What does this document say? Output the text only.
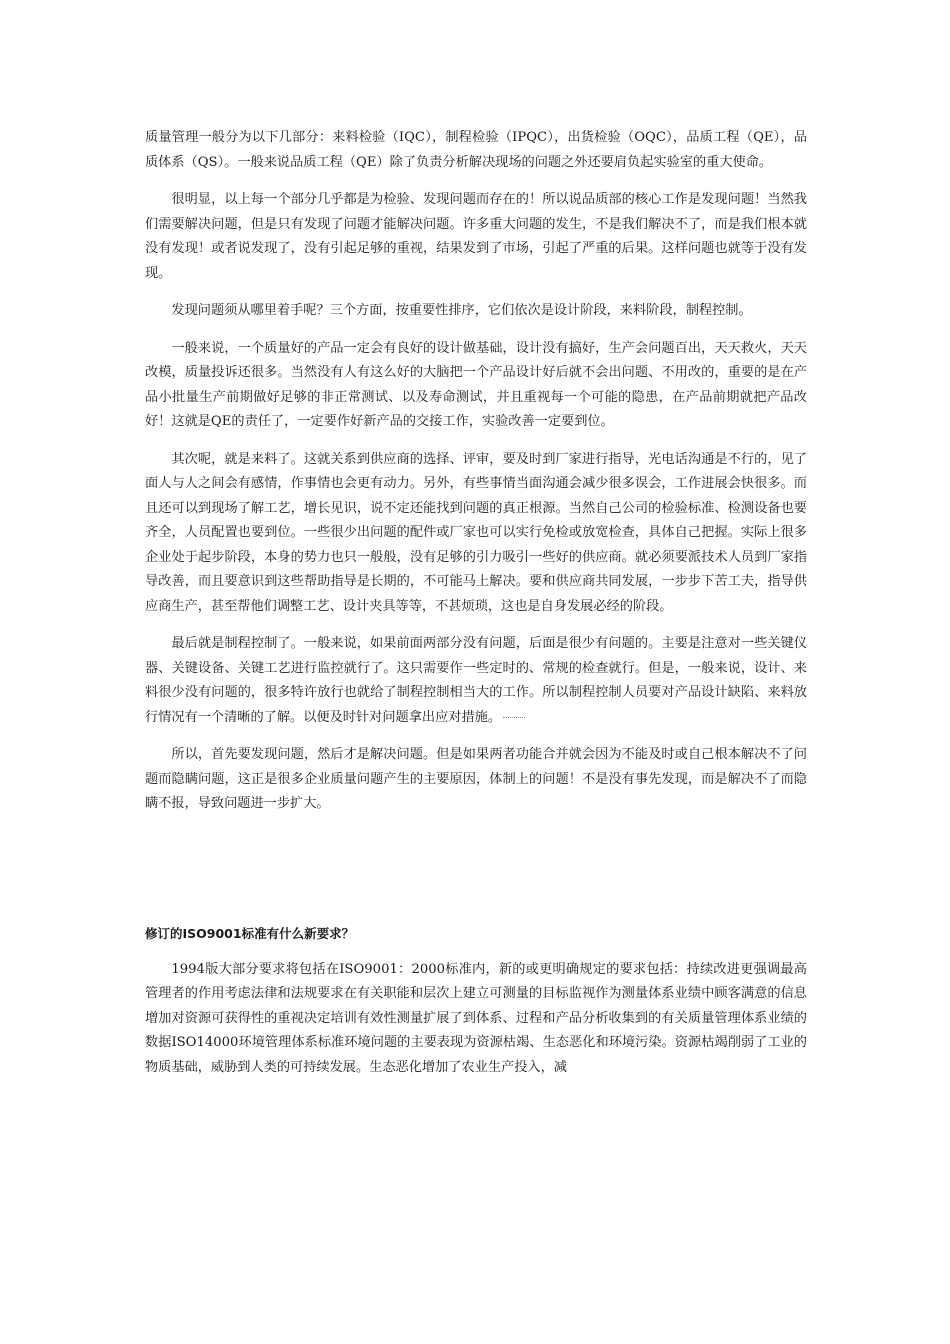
质量管理一般分为以下几部分：来料检验（IQC），制程检验（IPQC），出货检验（OQC），品质工程（QE），品质体系（QS）。一般来说品质工程（QE）除了负责分析解决现场的问题之外还要肩负起实验室的重大使命。

很明显，以上每一个部分几乎都是为检验、发现问题而存在的！所以说品质部的核心工作是发现问题！当然我们需要解决问题，但是只有发现了问题才能解决问题。许多重大问题的发生，不是我们解决不了，而是我们根本就没有发现！或者说发现了，没有引起足够的重视，结果发到了市场，引起了严重的后果。这样问题也就等于没有发现。

发现问题须从哪里着手呢？三个方面，按重要性排序，它们依次是设计阶段，来料阶段，制程控制。

一般来说，一个质量好的产品一定会有良好的设计做基础，设计没有搞好，生产会问题百出，天天救火，天天改模，质量投诉还很多。当然没有人有这么好的大脑把一个产品设计好后就不会出问题、不用改的，重要的是在产品小批量生产前期做好足够的非正常测试、以及寿命测试，并且重视每一个可能的隐患，在产品前期就把产品改好！这就是QE的责任了，一定要作好新产品的交接工作，实验改善一定要到位。

其次呢，就是来料了。这就关系到供应商的选择、评审，要及时到厂家进行指导，光电话沟通是不行的，见了面人与人之间会有感情，作事情也会更有动力。另外，有些事情当面沟通会减少很多误会，工作进展会快很多。而且还可以到现场了解工艺，增长见识，说不定还能找到问题的真正根源。当然自己公司的检验标准、检测设备也要齐全，人员配置也要到位。一些很少出问题的配件或厂家也可以实行免检或放宽检查，具体自己把握。实际上很多企业处于起步阶段，本身的势力也只一般般，没有足够的引力吸引一些好的供应商。就必须要派技术人员到厂家指导改善，而且要意识到这些帮助指导是长期的，不可能马上解决。要和供应商共同发展，一步步下苦工夫，指导供应商生产，甚至帮他们调整工艺、设计夹具等等，不甚烦琐，这也是自身发展必经的阶段。

最后就是制程控制了。一般来说，如果前面两部分没有问题，后面是很少有问题的。主要是注意对一些关键仪器、关键设备、关键工艺进行监控就行了。这只需要作一些定时的、常规的检查就行。但是，一般来说，设计、来料很少没有问题的，很多特许放行也就给了制程控制相当大的工作。所以制程控制人员要对产品设计缺陷、来料放行情况有一个清晰的了解。以便及时针对问题拿出应对措施。

所以，首先要发现问题，然后才是解决问题。但是如果两者功能合并就会因为不能及时或自己根本解决不了问题而隐瞒问题，这正是很多企业质量问题产生的主要原因，体制上的问题！不是没有事先发现，而是解决不了而隐瞒不报，导致问题进一步扩大。

修订的ISO9001标准有什么新要求？

1994版大部分要求将包括在ISO9001：2000标准内，新的或更明确规定的要求包括：持续改进更强调最高管理者的作用考虑法律和法规要求在有关职能和层次上建立可测量的目标监视作为测量体系业绩中顾客满意的信息增加对资源可获得性的重视决定培训有效性测量扩展了到体系、过程和产品分析收集到的有关质量管理体系业绩的数据ISO14000环境管理体系标准环境问题的主要表现为资源枯竭、生态恶化和环境污染。资源枯竭削弱了工业的物质基础，威胁到人类的可持续发展。生态恶化增加了农业生产投入，减
